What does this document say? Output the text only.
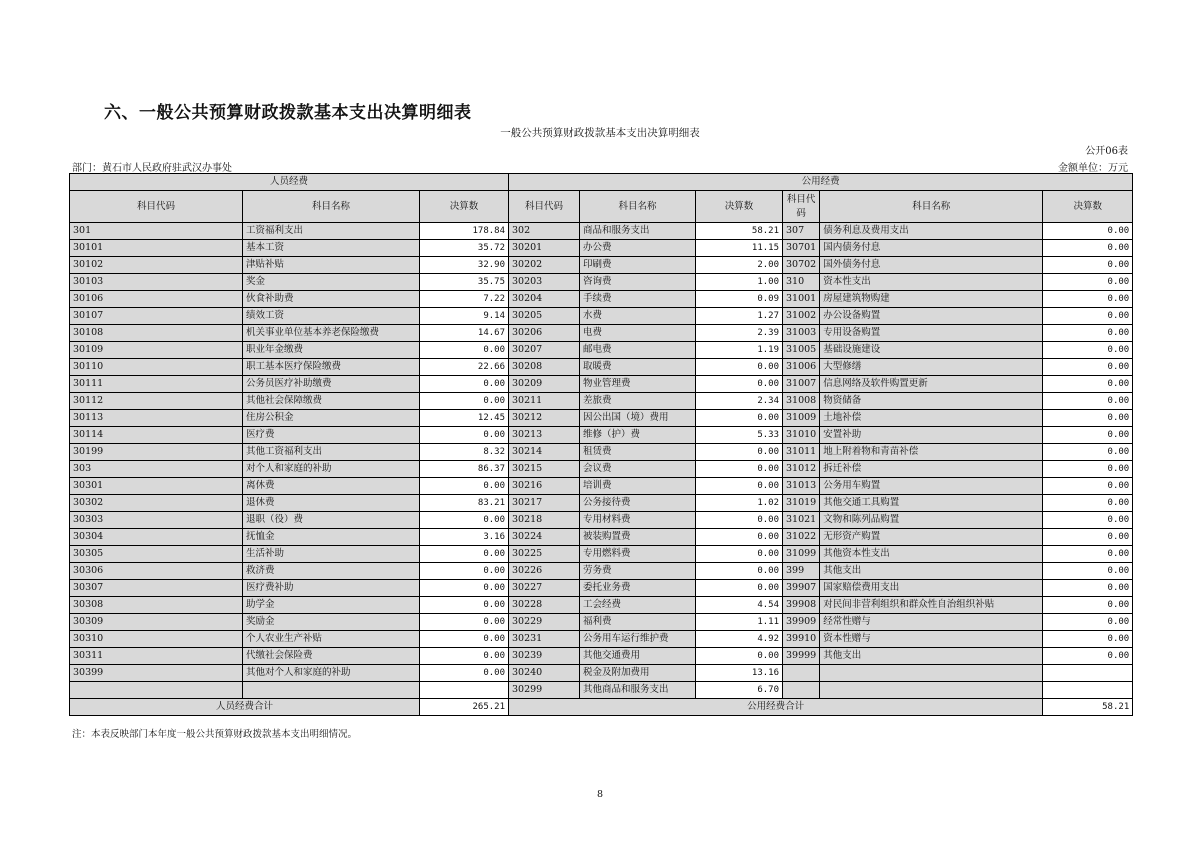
六、一般公共预算财政拨款基本支出决算明细表
一般公共预算财政拨款基本支出决算明细表
公开06表
部门：黄石市人民政府驻武汉办事处	金额单位：万元
人员经费			公用经费					
科目代码	科目名称	决算数	科目代码	科目名称	决算数	科目代码	科目名称	决算数
301	工资福利支出	178.84	302	商品和服务支出	58.21	307	债务利息及费用支出	0.00
30101	基本工资	35.72	30201	办公费	11.15	30701	国内债务付息	0.00
30102	津贴补贴	32.90	30202	印刷费	2.00	30702	国外债务付息	0.00
30103	奖金	35.75	30203	咨询费	1.00	310	资本性支出	0.00
30106	伙食补助费	7.22	30204	手续费	0.09	31001	房屋建筑物购建	0.00
30107	绩效工资	9.14	30205	水费	1.27	31002	办公设备购置	0.00
30108	机关事业单位基本养老保险缴费	14.67	30206	电费	2.39	31003	专用设备购置	0.00
30109	职业年金缴费	0.00	30207	邮电费	1.19	31005	基础设施建设	0.00
30110	职工基本医疗保险缴费	22.66	30208	取暖费	0.00	31006	大型修缮	0.00
30111	公务员医疗补助缴费	0.00	30209	物业管理费	0.00	31007	信息网络及软件购置更新	0.00
30112	其他社会保障缴费	0.00	30211	差旅费	2.34	31008	物资储备	0.00
30113	住房公积金	12.45	30212	因公出国（境）费用	0.00	31009	土地补偿	0.00
30114	医疗费	0.00	30213	维修（护）费	5.33	31010	安置补助	0.00
30199	其他工资福利支出	8.32	30214	租赁费	0.00	31011	地上附着物和青苗补偿	0.00
303	对个人和家庭的补助	86.37	30215	会议费	0.00	31012	拆迁补偿	0.00
30301	离休费	0.00	30216	培训费	0.00	31013	公务用车购置	0.00
30302	退休费	83.21	30217	公务接待费	1.02	31019	其他交通工具购置	0.00
30303	退职（役）费	0.00	30218	专用材料费	0.00	31021	文物和陈列品购置	0.00
30304	抚恤金	3.16	30224	被装购置费	0.00	31022	无形资产购置	0.00
30305	生活补助	0.00	30225	专用燃料费	0.00	31099	其他资本性支出	0.00
30306	救济费	0.00	30226	劳务费	0.00	399	其他支出	0.00
30307	医疗费补助	0.00	30227	委托业务费	0.00	39907	国家赔偿费用支出	0.00
30308	助学金	0.00	30228	工会经费	4.54	39908	对民间非营利组织和群众性自治组织补贴	0.00
30309	奖励金	0.00	30229	福利费	1.11	39909	经常性赠与	0.00
30310	个人农业生产补贴	0.00	30231	公务用车运行维护费	4.92	39910	资本性赠与	0.00
30311	代缴社会保险费	0.00	30239	其他交通费用	0.00	39999	其他支出	0.00
30399	其他对个人和家庭的补助	0.00	30240	税金及附加费用	13.16			
			30299	其他商品和服务支出	6.70			
人员经费合计		265.21	公用经费合计					58.21
注：本表反映部门本年度一般公共预算财政拨款基本支出明细情况。
8
